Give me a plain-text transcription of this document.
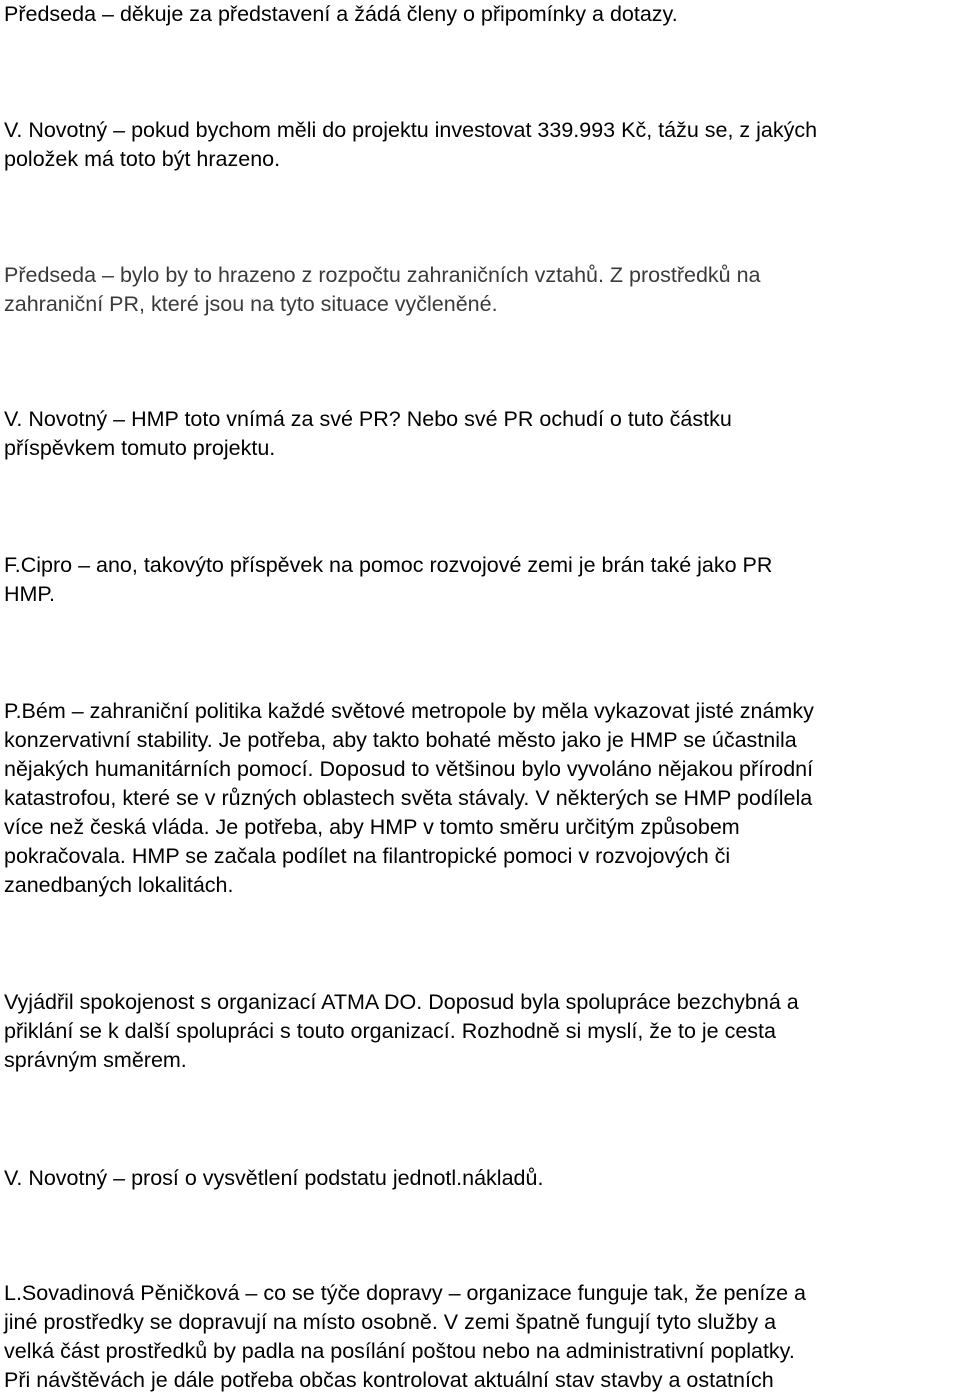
Předseda – děkuje za představení a žádá členy o připomínky a dotazy.

V. Novotný – pokud bychom měli do projektu investovat 339.993 Kč, tážu se, z jakých
položek má toto být hrazeno.

Předseda – bylo by to hrazeno z rozpočtu zahraničních vztahů. Z prostředků na
zahraniční PR, které jsou na tyto situace vyčleněné.

V. Novotný – HMP toto vnímá za své PR? Nebo své PR ochudí o tuto částku
příspěvkem tomuto projektu.

F.Cipro – ano, takovýto příspěvek na pomoc rozvojové zemi je brán také jako PR
HMP.

P.Bém – zahraniční politika každé světové metropole by měla vykazovat jisté známky
konzervativní stability. Je potřeba, aby takto bohaté město jako je HMP se účastnila
nějakých humanitárních pomocí. Doposud to většinou bylo vyvoláno nějakou přírodní
katastrofou, které se v různých oblastech světa stávaly. V některých se HMP podílela
více než česká vláda. Je potřeba, aby HMP v tomto směru určitým způsobem
pokračovala. HMP se začala podílet na filantropické pomoci v rozvojových či
zanedbaných lokalitách.

Vyjádřil spokojenost s organizací ATMA DO. Doposud byla spolupráce bezchybná a
přiklání se k další spolupráci s touto organizací. Rozhodně si myslí, že to je cesta
správným směrem.

V. Novotný – prosí o vysvětlení podstatu jednotl.nákladů.

L.Sovadinová Pěničková – co se týče dopravy – organizace funguje tak, že peníze a
jiné prostředky se dopravují na místo osobně. V zemi špatně fungují tyto služby a
velká část prostředků by padla na posílání poštou nebo na administrativní poplatky.
Při návštěvách je dále potřeba občas kontrolovat aktuální stav stavby a ostatních
